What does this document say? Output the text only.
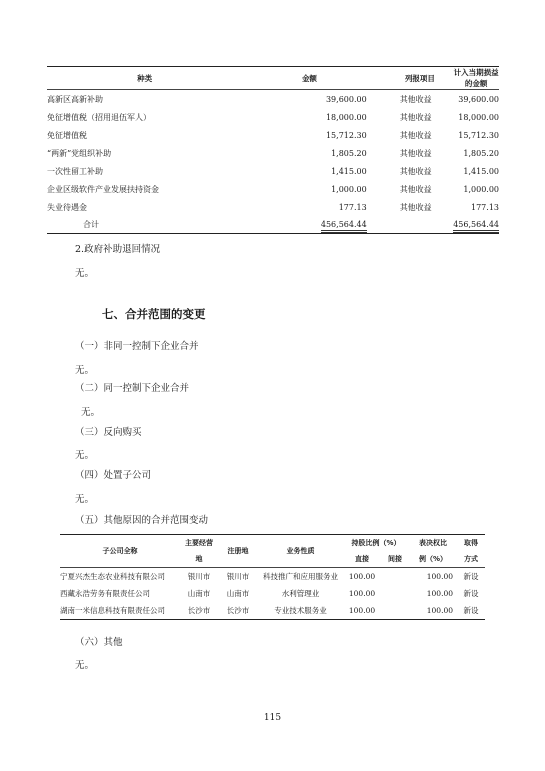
种类	金额	列报项目	计入当期损益的金额
高新区高新补助	39,600.00	其他收益	39,600.00
免征增值税（招用退伍军人）	18,000.00	其他收益	18,000.00
免征增值税	15,712.30	其他收益	15,712.30
“两新”党组织补助	1,805.20	其他收益	1,805.20
一次性留工补助	1,415.00	其他收益	1,415.00
企业区级软件产业发展扶持资金	1,000.00	其他收益	1,000.00
失业待遇金	177.13	其他收益	177.13
合计	456,564.44		456,564.44
2.政府补助退回情况
无。
七、合并范围的变更
（一）非同一控制下企业合并
无。
（二）同一控制下企业合并
无。
（三）反向购买
无。
（四）处置子公司
无。
（五）其他原因的合并范围变动
子公司全称	主要经营	注册地	业务性质	持股比例（%）		表决权比	取得
	地			直接	间接	例（%）	方式
宁夏兴杰生态农业科技有限公司	银川市	银川市	科技推广和应用服务业	100.00		100.00	新设
西藏永浩劳务有限责任公司	山南市	山南市	水利管理业	100.00		100.00	新设
湖南一米信息科技有限责任公司	长沙市	长沙市	专业技术服务业	100.00		100.00	新设
（六）其他
无。
115
